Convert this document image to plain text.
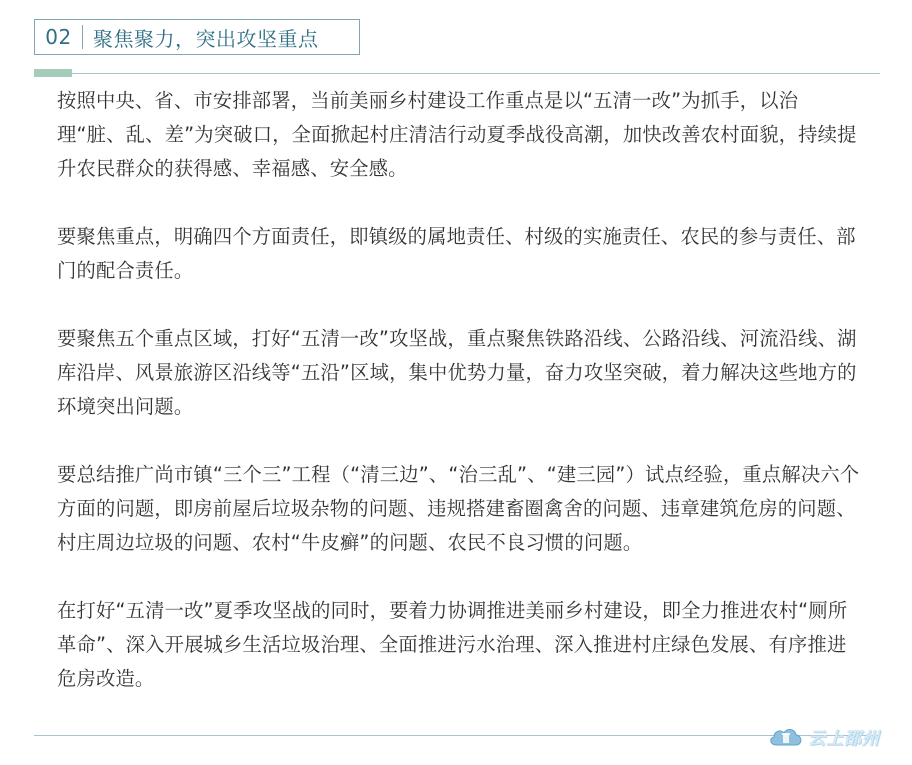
02	聚焦聚力，突出攻坚重点

按照中央、省、市安排部署，当前美丽乡村建设工作重点是以“五清一改”为抓手，以治理“脏、乱、差”为突破口，全面掀起村庄清洁行动夏季战役高潮，加快改善农村面貌，持续提升农民群众的获得感、幸福感、安全感。

要聚焦重点，明确四个方面责任，即镇级的属地责任、村级的实施责任、农民的参与责任、部门的配合责任。

要聚焦五个重点区域，打好“五清一改”攻坚战，重点聚焦铁路沿线、公路沿线、河流沿线、湖库沿岸、风景旅游区沿线等“五沿”区域，集中优势力量，奋力攻坚突破，着力解决这些地方的环境突出问题。

要总结推广尚市镇“三个三”工程（“清三边”、“治三乱”、“建三园”）试点经验，重点解决六个方面的问题，即房前屋后垃圾杂物的问题、违规搭建畜圈禽舍的问题、违章建筑危房的问题、村庄周边垃圾的问题、农村“牛皮癣”的问题、农民不良习惯的问题。

在打好“五清一改”夏季攻坚战的同时，要着力协调推进美丽乡村建设，即全力推进农村“厕所革命”、深入开展城乡生活垃圾治理、全面推进污水治理、深入推进村庄绿色发展、有序推进危房改造。

云上邵州
